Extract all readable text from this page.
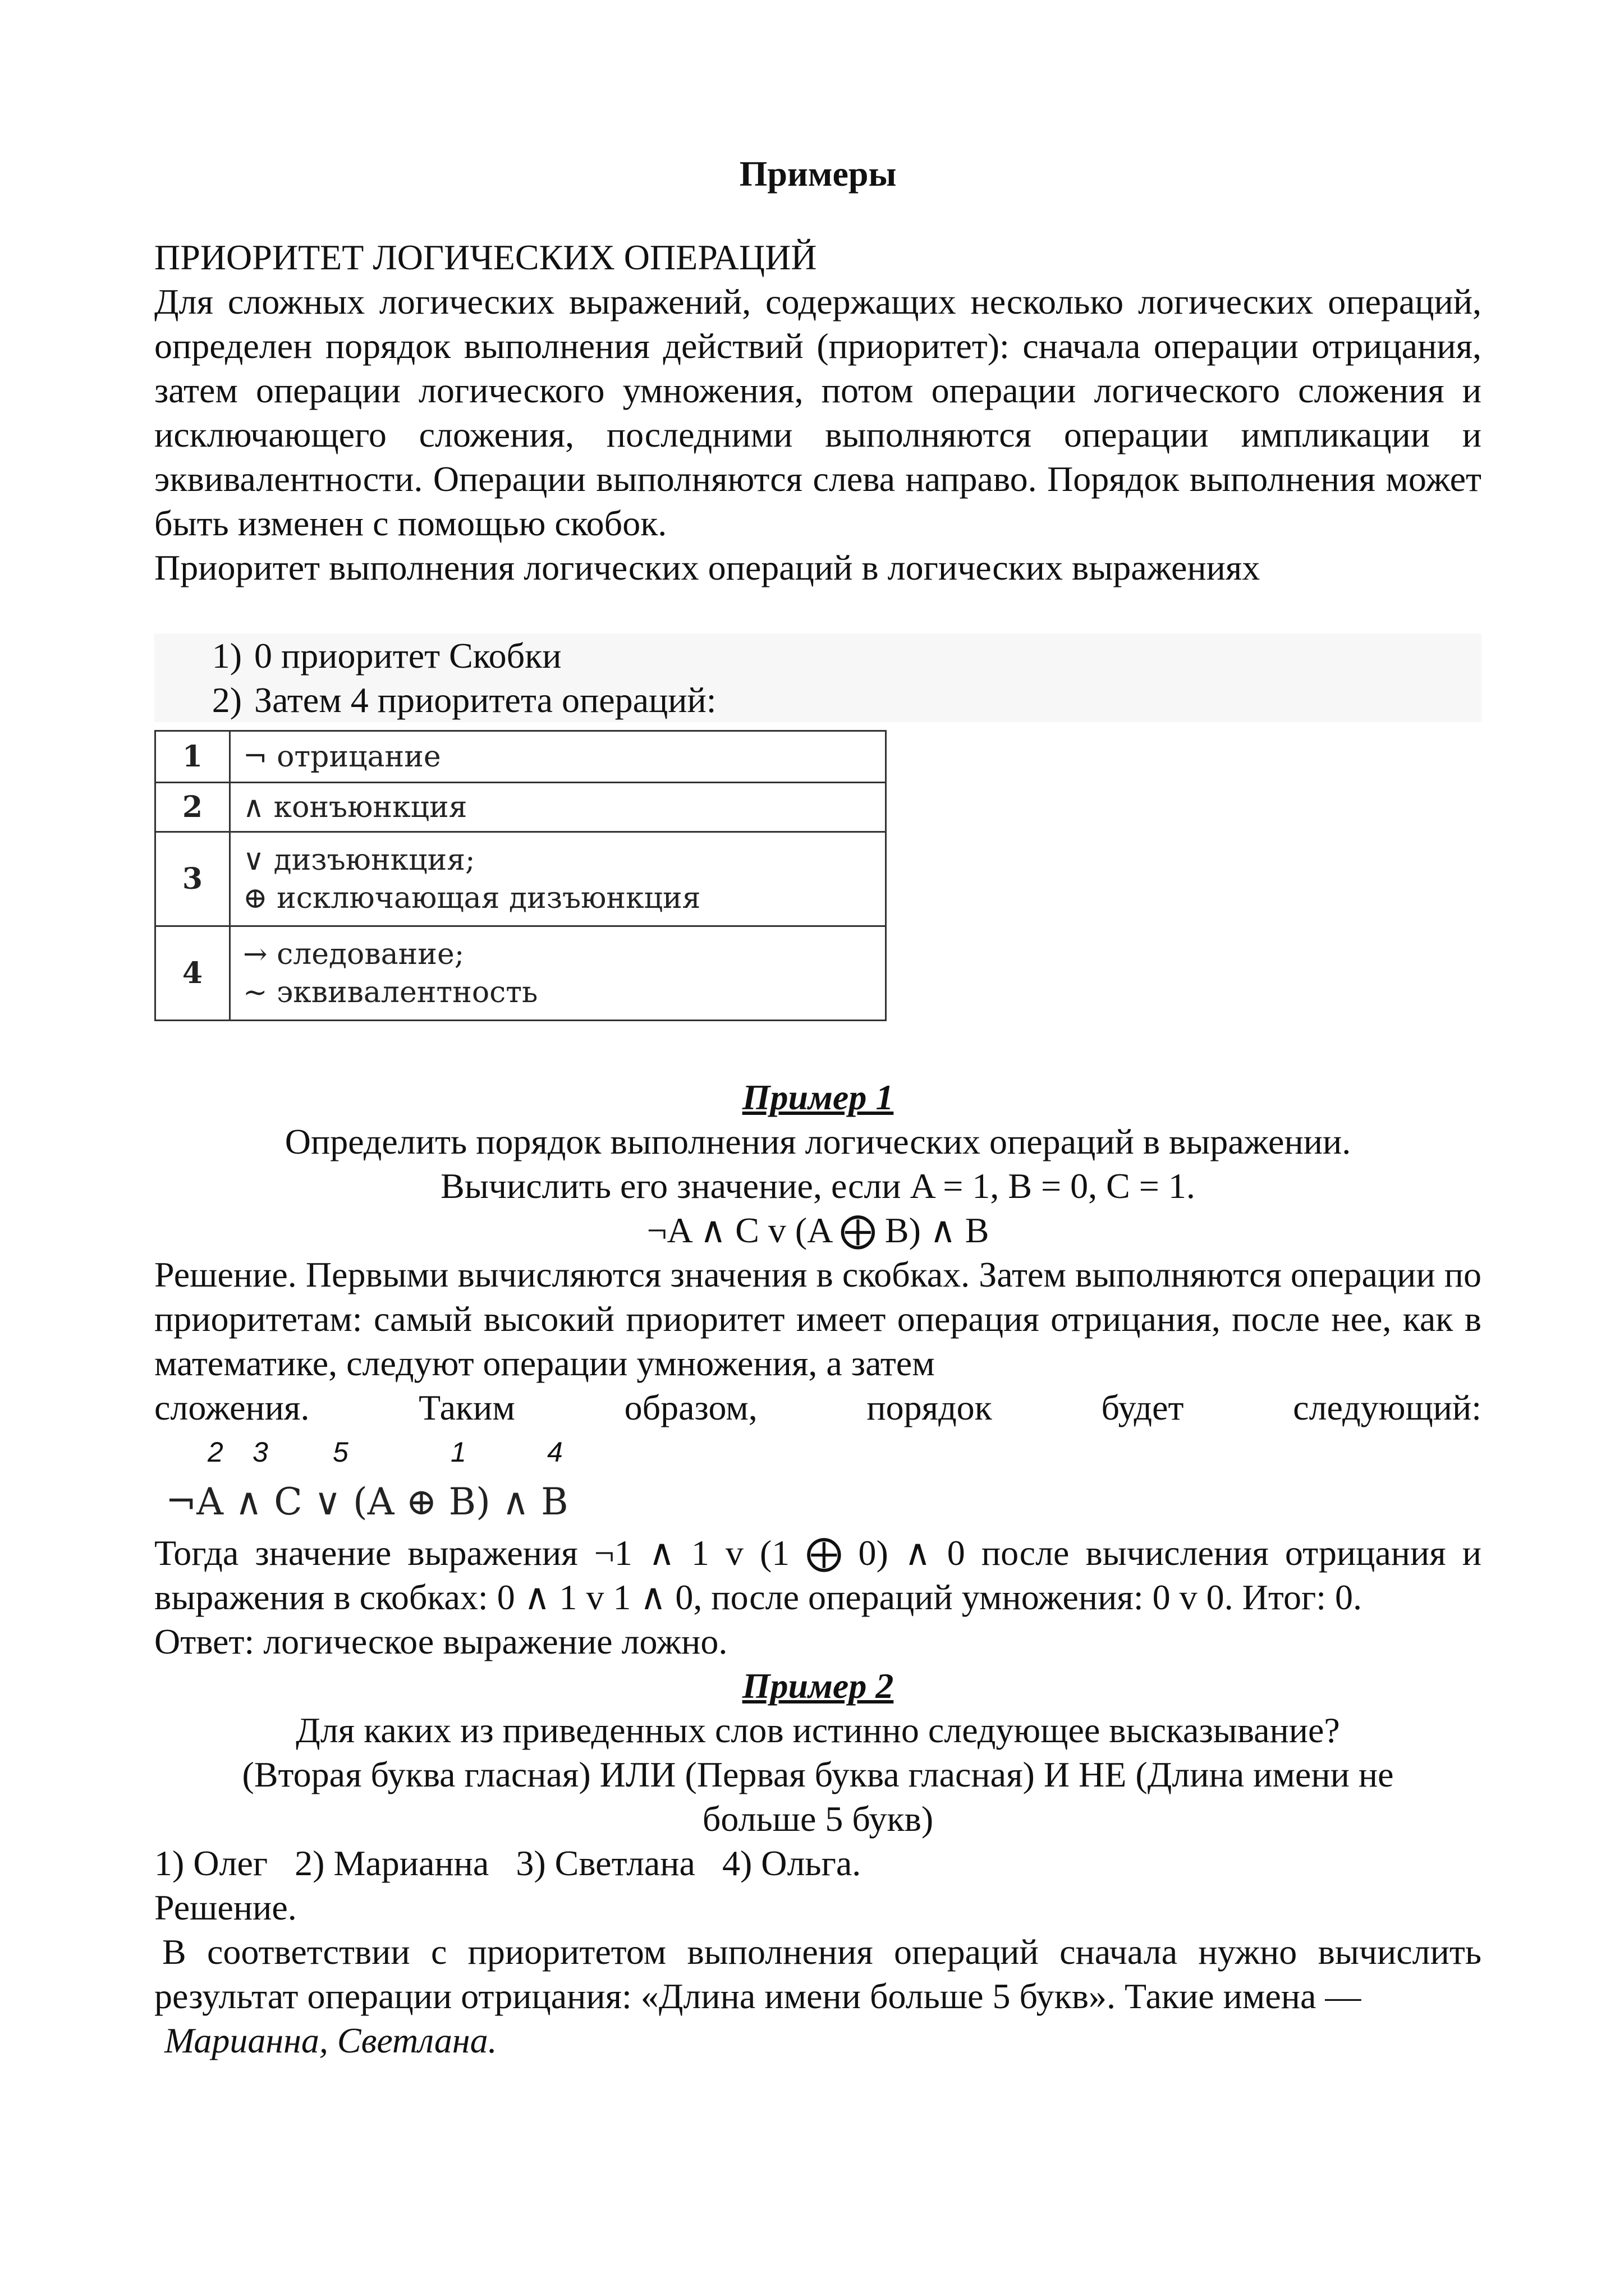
Примеры

ПРИОРИТЕТ ЛОГИЧЕСКИХ ОПЕРАЦИЙ

Для сложных логических выражений, содержащих несколько логических операций, определен порядок выполнения действий (приоритет): сначала операции отрицания, затем операции логического умножения, потом операции логического сложения и исключающего сложения, последними выполняются операции импликации и эквивалентности. Операции выполняются слева направо. Порядок выполнения может быть изменен с помощью скобок.

Приоритет выполнения логических операций в логических выражениях

1) 0 приоритет Скобки
2) Затем 4 приоритета операций:
1	¬ отрицание

2	∧ конъюнкция

3	∨ дизъюнкция;
⊕ исключающая дизъюнкция

4	→ следование;
~ эквивалентность

Пример 1

Определить порядок выполнения логических операций в выражении.

Вычислить его значение, если A = 1, B = 0, C = 1.

¬A ∧ C v (A ⨁ B) ∧ B

Решение. Первыми вычисляются значения в скобках. Затем выполняются операции по приоритетам: самый высокий приоритет имеет операция отрицания, после нее, как в математике, следуют операции умножения, а затем

сложения. Таким образом, порядок будет следующий:

2 3 5	1	4
¬A ∧ C ∨ (A ⊕ B) ∧ B

Тогда значение выражения ¬1 ∧ 1 v (1 ⨁ 0) ∧ 0 после вычисления отрицания и выражения в скобках: 0 ∧ 1 v 1 ∧ 0, после операций умножения: 0 v 0. Итог: 0.

Ответ: логическое выражение ложно.

Пример 2

Для каких из приведенных слов истинно следующее высказывание?

(Вторая буква гласная) ИЛИ (Первая буква гласная) И НЕ (Длина имени не

больше 5 букв)

1) Олег 2) Марианна 3) Светлана 4) Ольга.

Решение.

В соответствии с приоритетом выполнения операций сначала нужно вычислить результат операции отрицания: «Длина имени больше 5 букв». Такие имена —

Марианна, Светлана.
